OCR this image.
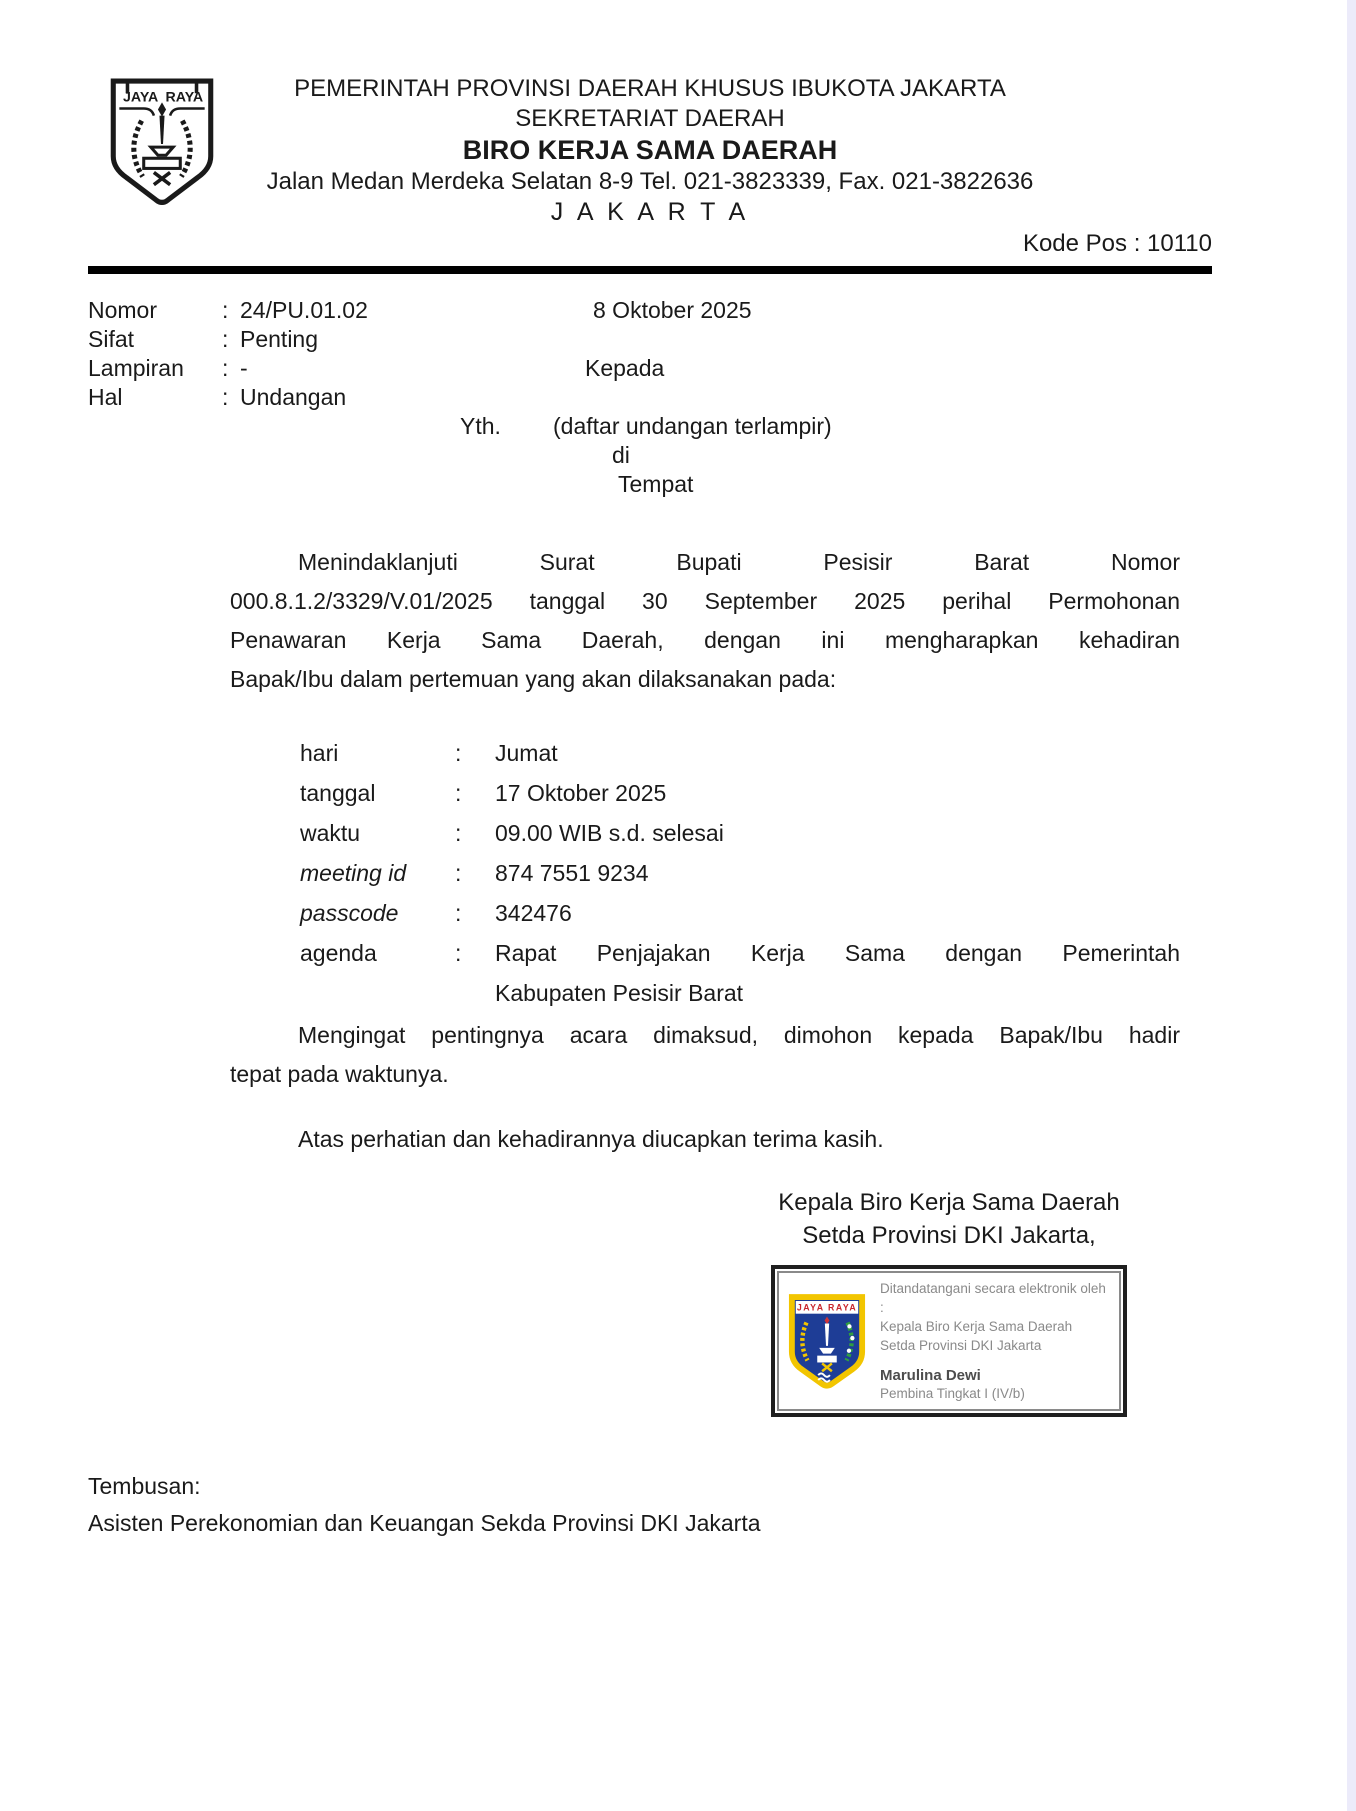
JAYA RAYA	PEMERINTAH PROVINSI DAERAH KHUSUS IBUKOTA JAKARTA
SEKRETARIAT DAERAH
BIRO KERJA SAMA DAERAH
Jalan Medan Merdeka Selatan 8-9 Tel. 021-3823339, Fax. 021-3822636
J A K A R T A
Kode Pos : 10110
Nomor	: 24/PU.01.02
Sifat	: Penting
Lampiran	: -
Hal	: Undangan
8 Oktober 2025
Kepada
Yth. (daftar undangan terlampir)
di
Tempat
Menindaklanjuti Surat Bupati Pesisir Barat Nomor
000.8.1.2/3329/V.01/2025 tanggal 30 September 2025 perihal Permohonan
Penawaran Kerja Sama Daerah, dengan ini mengharapkan kehadiran
Bapak/Ibu dalam pertemuan yang akan dilaksanakan pada:
hari	:	Jumat
tanggal	:	17 Oktober 2025
waktu	:	09.00 WIB s.d. selesai
meeting id	:	874 7551 9234
passcode	:	342476
agenda	:	Rapat Penjajakan Kerja Sama dengan Pemerintah
Kabupaten Pesisir Barat
Mengingat pentingnya acara dimaksud, dimohon kepada Bapak/Ibu hadir
tepat pada waktunya.
Atas perhatian dan kehadirannya diucapkan terima kasih.
Kepala Biro Kerja Sama Daerah
Setda Provinsi DKI Jakarta,
JAYA RAYA
Ditandatangani secara elektronik oleh :
Kepala Biro Kerja Sama Daerah
Setda Provinsi DKI Jakarta
Marulina Dewi
Pembina Tingkat I (IV/b)
Tembusan:
Asisten Perekonomian dan Keuangan Sekda Provinsi DKI Jakarta
